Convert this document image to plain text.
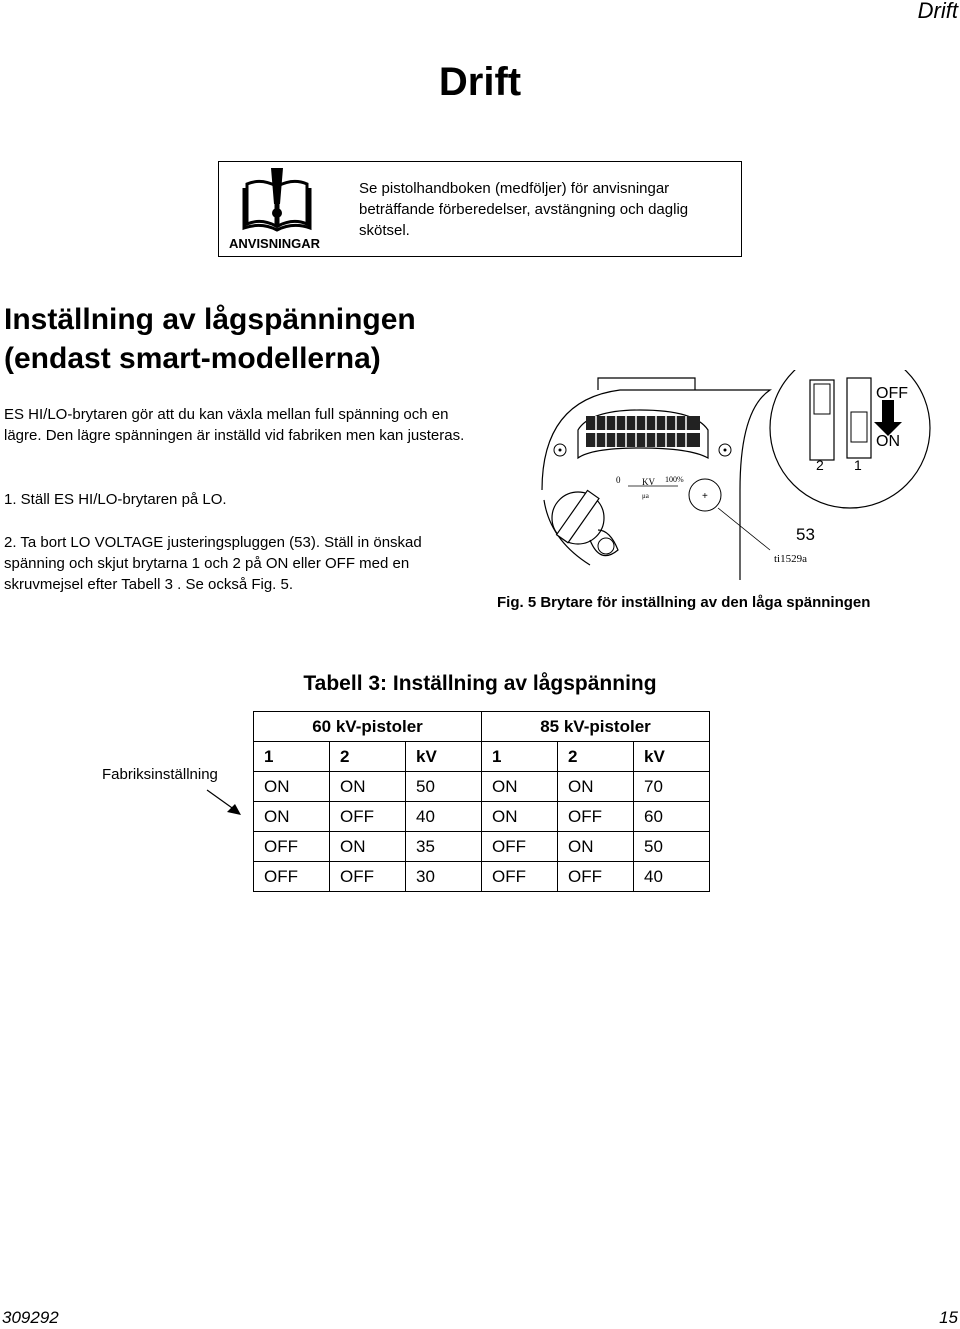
Drift
Drift
ANVISNINGAR
Se pistolhandboken (medföljer) för anvisningar beträffande förberedelser, avstängning och daglig skötsel.
Inställning av lågspänningen
(endast smart-modellerna)
ES HI/LO-brytaren gör att du kan växla mellan full spänning och en lägre. Den lägre spänningen är inställd vid fabriken men kan justeras.
1. Ställ ES HI/LO-brytaren på LO.
2. Ta bort LO VOLTAGE justeringspluggen (53). Ställ in önskad spänning och skjut brytarna 1 och 2 på ON eller OFF med en skruvmejsel efter Tabell 3 . Se också Fig. 5.
0 KV 100%
μa	+
OFF
ON
2 1
53
ti1529a
Fig. 5 Brytare för inställning av den låga spänningen
Tabell 3: Inställning av lågspänning
Fabriksinställning
60 kV-pistoler			85 kV-pistoler		
1	2	kV	1	2	kV
ON	ON	50	ON	ON	70
ON	OFF	40	ON	OFF	60
OFF	ON	35	OFF	ON	50
OFF	OFF	30	OFF	OFF	40
309292	15
